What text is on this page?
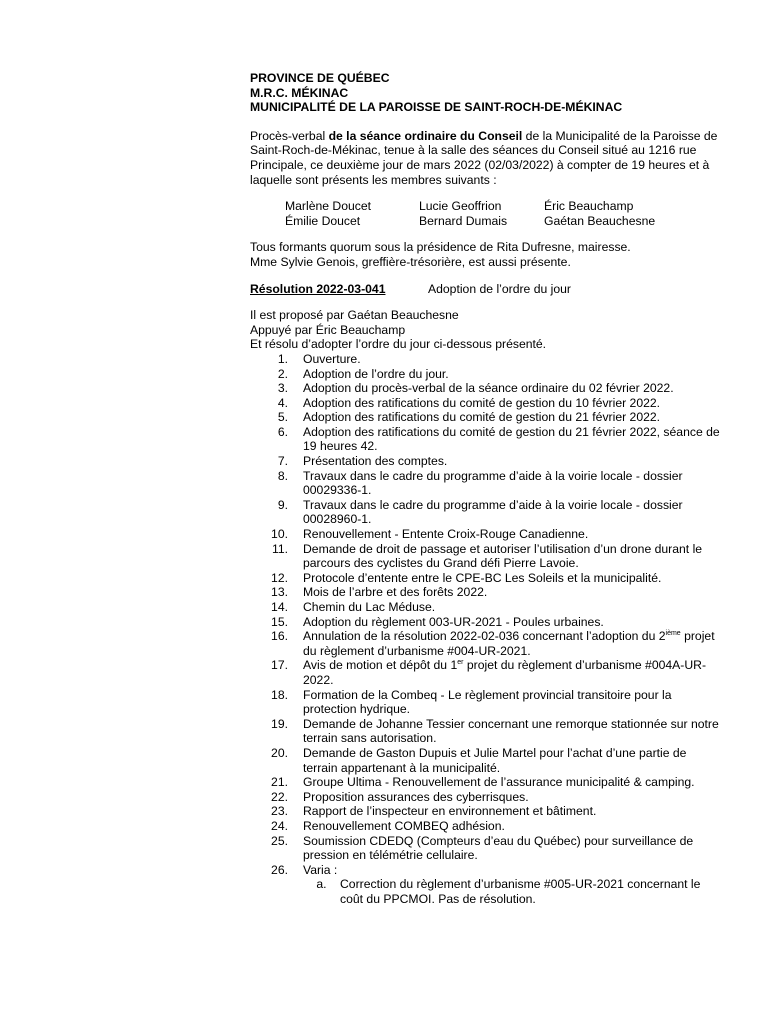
PROVINCE DE QUÉBEC
M.R.C. MÉKINAC
MUNICIPALITÉ DE LA PAROISSE DE SAINT-ROCH-DE-MÉKINAC
Procès-verbal de la séance ordinaire du Conseil de la Municipalité de la Paroisse de Saint-Roch-de-Mékinac, tenue à la salle des séances du Conseil situé au 1216 rue Principale, ce deuxième jour de mars 2022 (02/03/2022) à compter de 19 heures et à laquelle sont présents les membres suivants :
Marlène Doucet	Lucie Geoffrion	Éric Beauchamp
Émilie Doucet	Bernard Dumais	Gaétan Beauchesne
Tous formants quorum sous la présidence de Rita Dufresne, mairesse.
Mme Sylvie Genois, greffière-trésorière, est aussi présente.
Résolution 2022-03-041	Adoption de l’ordre du jour
Il est proposé par Gaétan Beauchesne
Appuyé par Éric Beauchamp
Et résolu d’adopter l’ordre du jour ci-dessous présenté.
1.	Ouverture.
2.	Adoption de l’ordre du jour.
3.	Adoption du procès-verbal de la séance ordinaire du 02 février 2022.
4.	Adoption des ratifications du comité de gestion du 10 février 2022.
5.	Adoption des ratifications du comité de gestion du 21 février 2022.
6.	Adoption des ratifications du comité de gestion du 21 février 2022, séance de 19 heures 42.
7.	Présentation des comptes.
8.	Travaux dans le cadre du programme d’aide à la voirie locale - dossier 00029336-1.
9.	Travaux dans le cadre du programme d’aide à la voirie locale - dossier 00028960-1.
10.	Renouvellement - Entente Croix-Rouge Canadienne.
11.	Demande de droit de passage et autoriser l’utilisation d’un drone durant le parcours des cyclistes du Grand défi Pierre Lavoie.
12.	Protocole d’entente entre le CPE-BC Les Soleils et la municipalité.
13.	Mois de l’arbre et des forêts 2022.
14.	Chemin du Lac Méduse.
15.	Adoption du règlement 003-UR-2021 - Poules urbaines.
16.	Annulation de la résolution 2022-02-036 concernant l’adoption du 2ième projet du règlement d’urbanisme #004-UR-2021.
17.	Avis de motion et dépôt du 1er projet du règlement d’urbanisme #004A-UR-2022.
18.	Formation de la Combeq - Le règlement provincial transitoire pour la protection hydrique.
19.	Demande de Johanne Tessier concernant une remorque stationnée sur notre terrain sans autorisation.
20.	Demande de Gaston Dupuis et Julie Martel pour l’achat d’une partie de terrain appartenant à la municipalité.
21.	Groupe Ultima - Renouvellement de l’assurance municipalité & camping.
22.	Proposition assurances des cyberrisques.
23.	Rapport de l’inspecteur en environnement et bâtiment.
24.	Renouvellement COMBEQ adhésion.
25.	Soumission CDEDQ (Compteurs d’eau du Québec) pour surveillance de pression en télémétrie cellulaire.
26.	Varia :
a.	Correction du règlement d’urbanisme #005-UR-2021 concernant le coût du PPCMOI. Pas de résolution.
